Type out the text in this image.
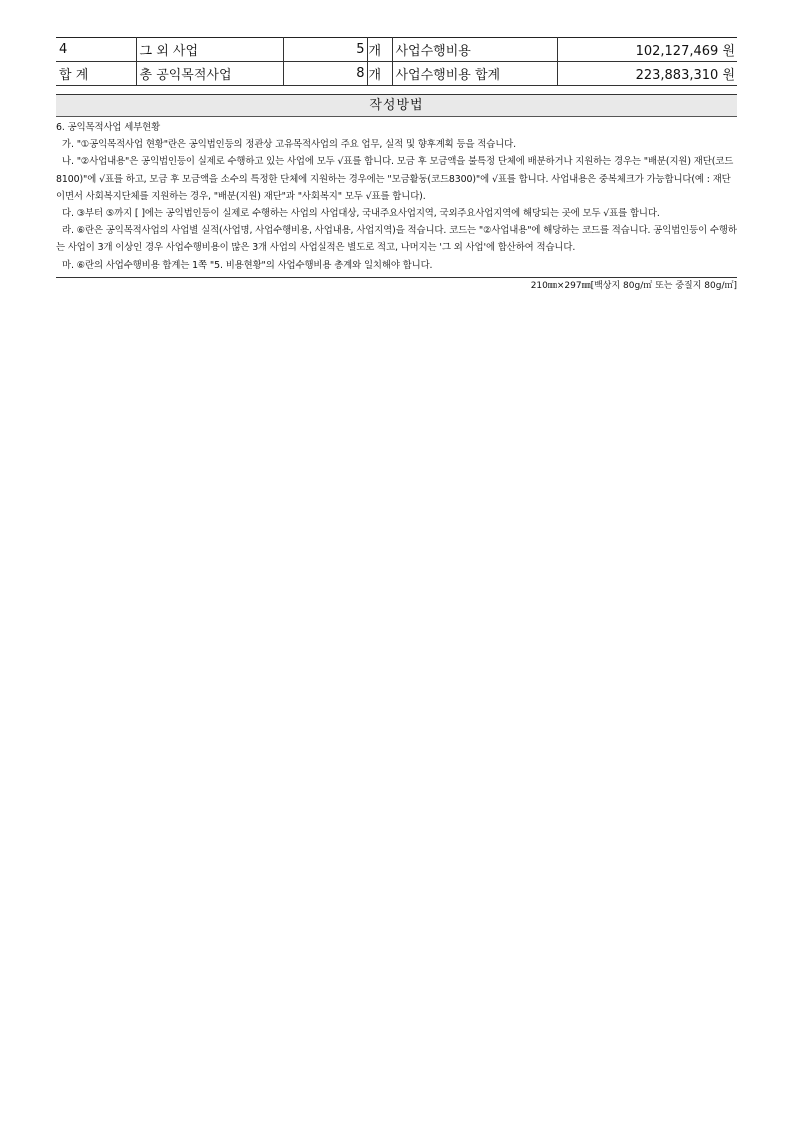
4	그 외 사업	5	개	사업수행비용	102,127,469 원
합 계	총 공익목적사업	8	개	사업수행비용 합계	223,883,310 원
작성방법

6. 공익목적사업 세부현황

가. "①공익목적사업 현황"란은 공익법인등의 정관상 고유목적사업의 주요 업무, 실적 및 향후계획 등을 적습니다.

나. "②사업내용"은 공익법인등이 실제로 수행하고 있는 사업에 모두 √표를 합니다. 모금 후 모금액을 불특정 단체에 배분하거나 지원하는 경우는 "배분(지원) 재단(코드8100)"에 √표를 하고, 모금 후 모금액을 소수의 특정한 단체에 지원하는 경우에는 "모금활동(코드8300)"에 √표를 합니다. 사업내용은 중복체크가 가능합니다(예 : 재단이면서 사회복지단체를 지원하는 경우, "배분(지원) 재단"과 "사회복지" 모두 √표를 합니다).

다. ③부터 ⑤까지 [ ]에는 공익법인등이 실제로 수행하는 사업의 사업대상, 국내주요사업지역, 국외주요사업지역에 해당되는 곳에 모두 √표를 합니다.

라. ⑥란은 공익목적사업의 사업별 실적(사업명, 사업수행비용, 사업내용, 사업지역)을 적습니다. 코드는 "②사업내용"에 해당하는 코드를 적습니다. 공익법인등이 수행하는 사업이 3개 이상인 경우 사업수행비용이 많은 3개 사업의 사업실적은 별도로 적고, 나머지는 '그 외 사업'에 합산하여 적습니다.

마. ⑥란의 사업수행비용 합계는 1쪽 "5. 비용현황"의 사업수행비용 총계와 일치해야 합니다.

210㎜×297㎜[백상지 80g/㎡ 또는 중질지 80g/㎡]
